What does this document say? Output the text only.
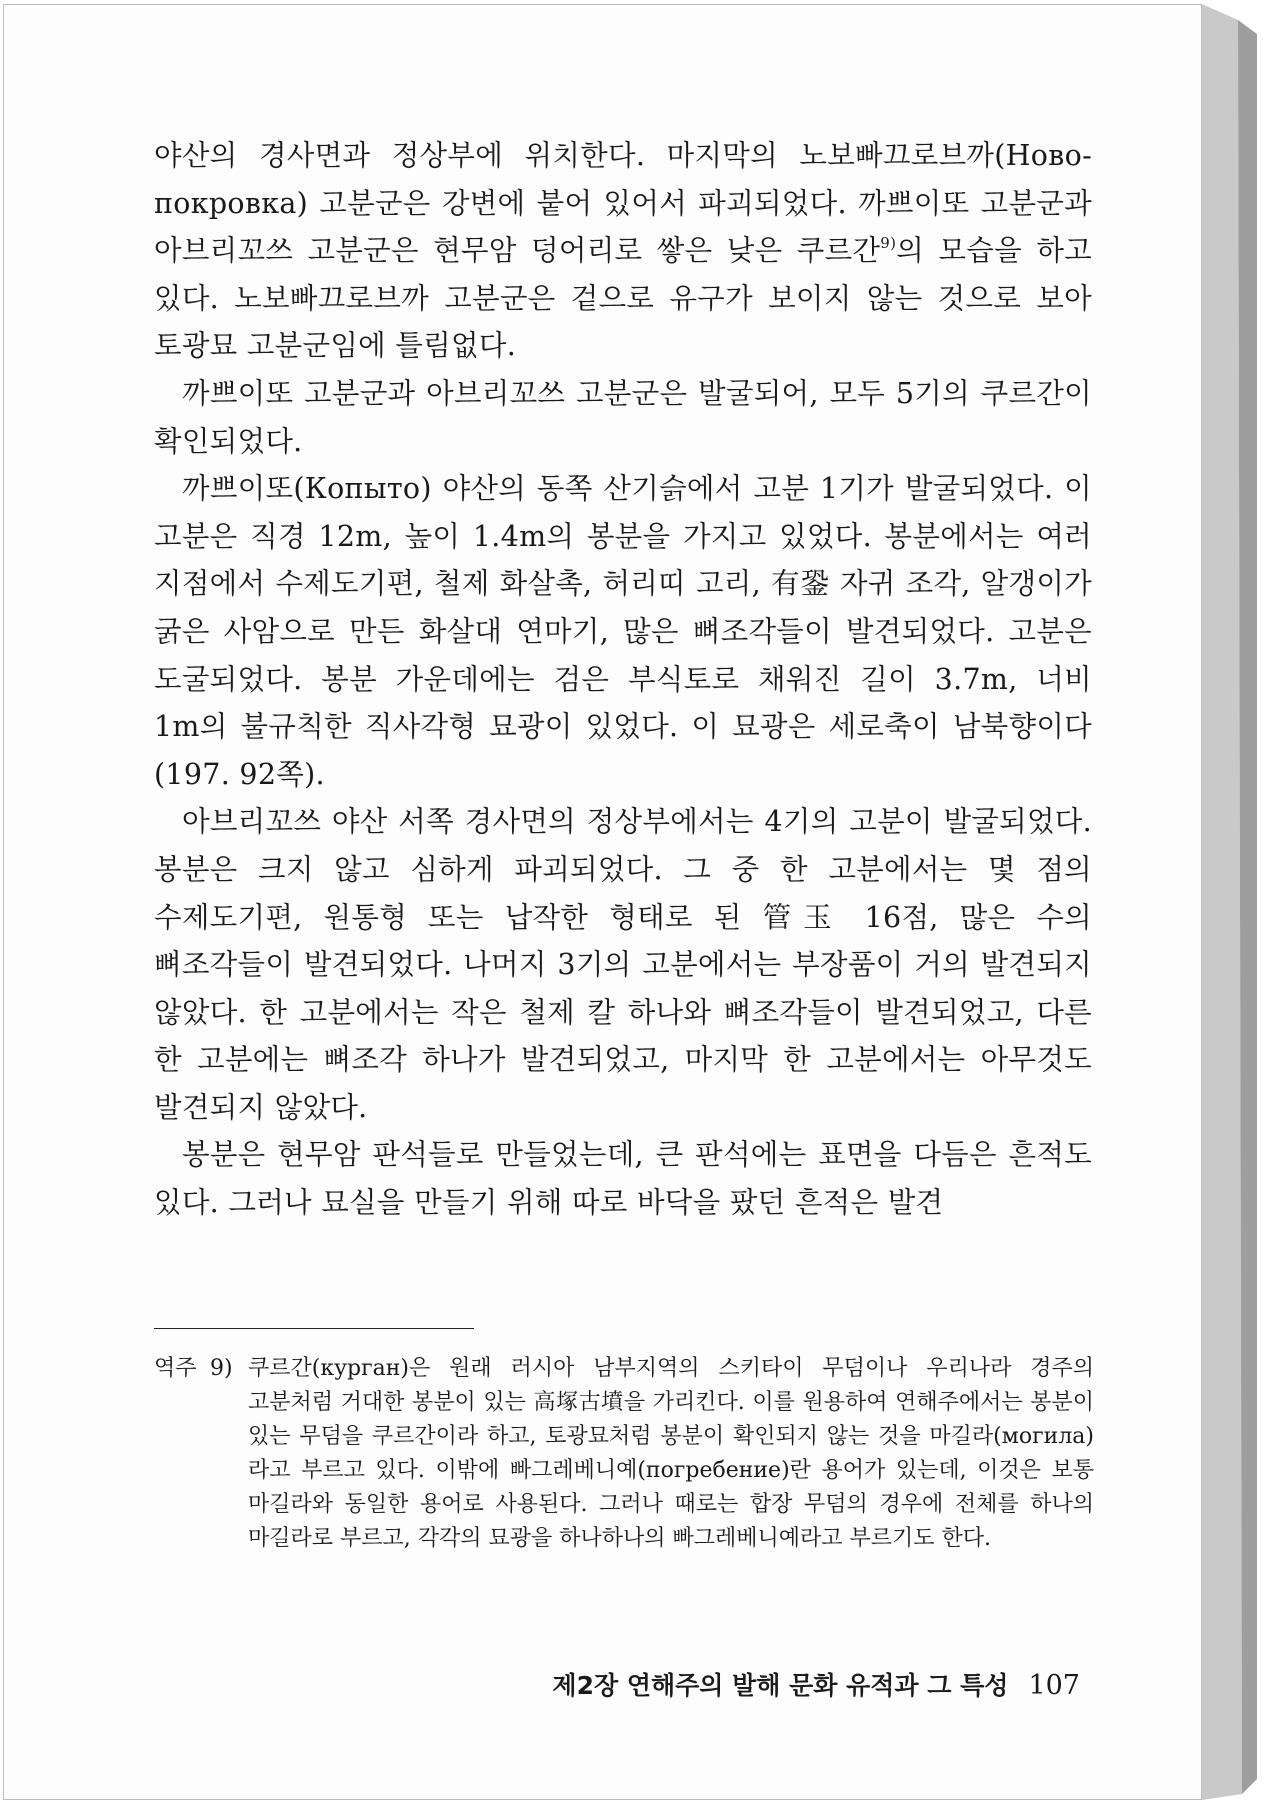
야산의 경사면과 정상부에 위치한다. 마지막의 노보빠끄로브까(Ново-покровка) 고분군은 강변에 붙어 있어서 파괴되었다. 까쁘이또 고분군과 아브리꼬쓰 고분군은 현무암 덩어리로 쌓은 낮은 쿠르간$^{9)}$의 모습을 하고 있다. 노보빠끄로브까 고분군은 겉으로 유구가 보이지 않는 것으로 보아 토광묘 고분군임에 틀림없다.

까쁘이또 고분군과 아브리꼬쓰 고분군은 발굴되어, 모두 5기의 쿠르간이 확인되었다.

까쁘이또(Копыто) 야산의 동쪽 산기슭에서 고분 1기가 발굴되었다. 이 고분은 직경 12m, 높이 1.4m의 봉분을 가지고 있었다. 봉분에서는 여러 지점에서 수제도기편, 철제 화살촉, 허리띠 고리, 有銎 자귀 조각, 알갱이가 굵은 사암으로 만든 화살대 연마기, 많은 뼈조각들이 발견되었다. 고분은 도굴되었다. 봉분 가운데에는 검은 부식토로 채워진 길이 3.7m, 너비 1m의 불규칙한 직사각형 묘광이 있었다. 이 묘광은 세로축이 남북향이다(197. 92쪽).

아브리꼬쓰 야산 서쪽 경사면의 정상부에서는 4기의 고분이 발굴되었다. 봉분은 크지 않고 심하게 파괴되었다. 그 중 한 고분에서는 몇 점의 수제도기편, 원통형 또는 납작한 형태로 된 管玉 16점, 많은 수의 뼈조각들이 발견되었다. 나머지 3기의 고분에서는 부장품이 거의 발견되지 않았다. 한 고분에서는 작은 철제 칼 하나와 뼈조각들이 발견되었고, 다른 한 고분에는 뼈조각 하나가 발견되었고, 마지막 한 고분에서는 아무것도 발견되지 않았다.

봉분은 현무암 판석들로 만들었는데, 큰 판석에는 표면을 다듬은 흔적도 있다. 그러나 묘실을 만들기 위해 따로 바닥을 팠던 흔적은 발견

역주 9) 쿠르간(курган)은 원래 러시아 남부지역의 스키타이 무덤이나 우리나라 경주의 고분처럼 거대한 봉분이 있는 高塚古墳을 가리킨다. 이를 원용하여 연해주에서는 봉분이 있는 무덤을 쿠르간이라 하고, 토광묘처럼 봉분이 확인되지 않는 것을 마길라(могила)라고 부르고 있다. 이밖에 빠그레베니예(погребение)란 용어가 있는데, 이것은 보통 마길라와 동일한 용어로 사용된다. 그러나 때로는 합장 무덤의 경우에 전체를 하나의 마길라로 부르고, 각각의 묘광을 하나하나의 빠그레베니예라고 부르기도 한다.
제2장 연해주의 발해 문화 유적과 그 특성 107
